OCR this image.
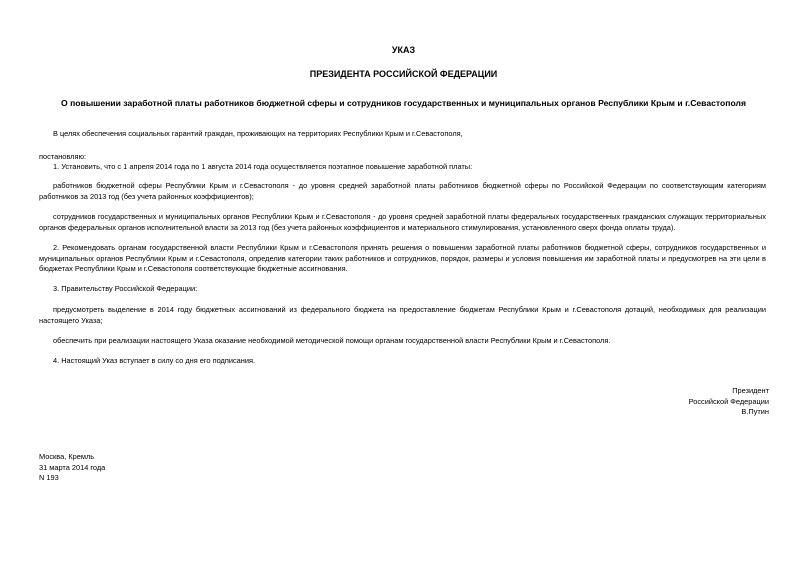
УКАЗ
ПРЕЗИДЕНТА РОССИЙСКОЙ ФЕДЕРАЦИИ
О повышении заработной платы работников бюджетной сферы и сотрудников государственных и муниципальных органов Республики Крым и г.Севастополя
В целях обеспечения социальных гарантий граждан, проживающих на территориях Республики Крым и г.Севастополя,
постановляю:
1. Установить, что с 1 апреля 2014 года по 1 августа 2014 года осуществляется поэтапное повышение заработной платы:
работников бюджетной сферы Республики Крым и г.Севастополя - до уровня средней заработной платы работников бюджетной сферы по Российской Федерации по соответствующим категориям работников за 2013 год (без учета районных коэффициентов);
сотрудников государственных и муниципальных органов Республики Крым и г.Севастополя - до уровня средней заработной платы федеральных государственных гражданских служащих территориальных органов федеральных органов исполнительной власти за 2013 год (без учета районных коэффициентов и материального стимулирования, установленного сверх фонда оплаты труда).
2. Рекомендовать органам государственной власти Республики Крым и г.Севастополя принять решения о повышении заработной платы работников бюджетной сферы, сотрудников государственных и муниципальных органов Республики Крым и г.Севастополя, определив категории таких работников и сотрудников, порядок, размеры и условия повышения им заработной платы и предусмотрев на эти цели в бюджетах Республики Крым и г.Севастополя соответствующие бюджетные ассигнования.
3. Правительству Российской Федерации:
предусмотреть выделение в 2014 году бюджетных ассигнований из федерального бюджета на предоставление бюджетам Республики Крым и г.Севастополя дотаций, необходимых для реализации настоящего Указа;
обеспечить при реализации настоящего Указа оказание необходимой методической помощи органам государственной власти Республики Крым и г.Севастополя.
4. Настоящий Указ вступает в силу со дня его подписания.
Президент
Российской Федерации
В.Путин
Москва, Кремль
31 марта 2014 года
N 193
